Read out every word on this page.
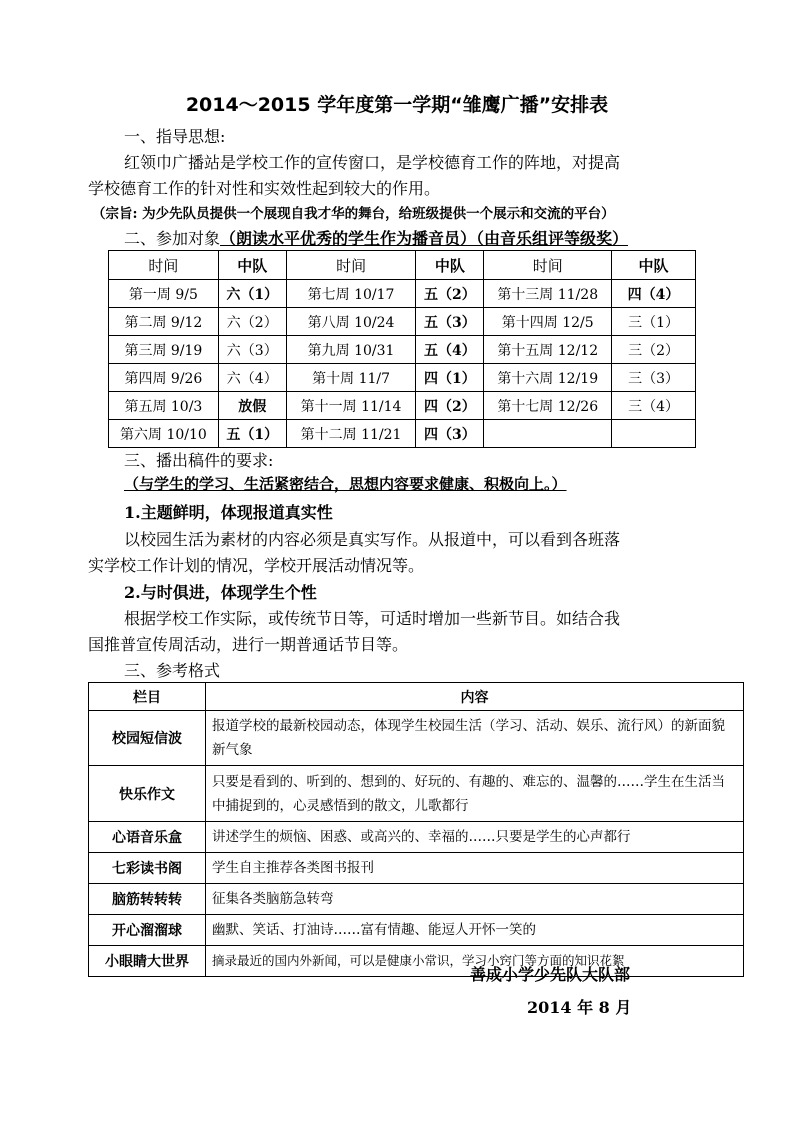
2014～2015 学年度第一学期“雏鹰广播”安排表
一、指导思想:
红领巾广播站是学校工作的宣传窗口，是学校德育工作的阵地，对提高
学校德育工作的针对性和实效性起到较大的作用。
（宗旨: 为少先队员提供一个展现自我才华的舞台，给班级提供一个展示和交流的平台）
二、参加对象（朗读水平优秀的学生作为播音员）（由音乐组评等级奖）
时间	中队	时间	中队	时间	中队
第一周 9/5	六（1）	第七周 10/17	五（2）	第十三周 11/28	四（4）
第二周 9/12	六（2）	第八周 10/24	五（3）	第十四周 12/5	三（1）
第三周 9/19	六（3）	第九周 10/31	五（4）	第十五周 12/12	三（2）
第四周 9/26	六（4）	第十周 11/7	四（1）	第十六周 12/19	三（3）
第五周 10/3	放假	第十一周 11/14	四（2）	第十七周 12/26	三（4）
第六周 10/10	五（1）	第十二周 11/21	四（3）		
三、播出稿件的要求:
（与学生的学习、生活紧密结合，思想内容要求健康、积极向上。）
1.主题鲜明，体现报道真实性
以校园生活为素材的内容必须是真实写作。从报道中，可以看到各班落
实学校工作计划的情况，学校开展活动情况等。
2.与时俱进，体现学生个性
根据学校工作实际，或传统节日等，可适时增加一些新节目。如结合我
国推普宣传周活动，进行一期普通话节目等。
三、参考格式
栏目	内容
校园短信波	报道学校的最新校园动态，体现学生校园生活（学习、活动、娱乐、流行风）的新面貌新气象
快乐作文	只要是看到的、听到的、想到的、好玩的、有趣的、难忘的、温馨的……学生在生活当中捕捉到的，心灵感悟到的散文，儿歌都行
心语音乐盒	讲述学生的烦恼、困惑、或高兴的、幸福的……只要是学生的心声都行
七彩读书阁	学生自主推荐各类图书报刊
脑筋转转转	征集各类脑筋急转弯
开心溜溜球	幽默、笑话、打油诗……富有情趣、能逗人开怀一笑的
小眼睛大世界	摘录最近的国内外新闻，可以是健康小常识，学习小窍门等方面的知识花絮
善成小学少先队大队部
2014 年 8 月
